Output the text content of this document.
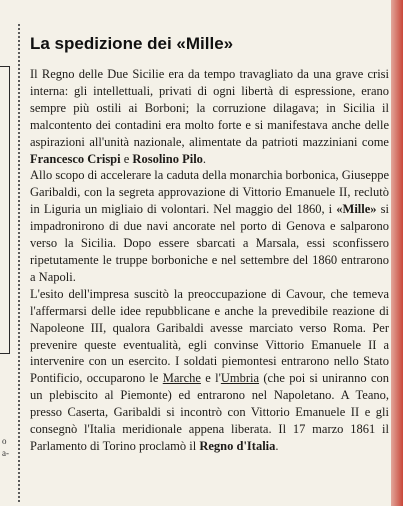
o
a-
La spedizione dei «Mille»

Il Regno delle Due Sicilie era da tempo travagliato da una grave crisi interna: gli intellettuali, privati di ogni libertà di espressione, erano sempre più ostili ai Borboni; la corruzione dilagava; in Sicilia il malcontento dei contadini era molto forte e si manifestava anche delle aspirazioni all'unità nazionale, alimentate da patrioti mazziniani come Francesco Crispi e Rosolino Pilo.

Allo scopo di accelerare la caduta della monarchia borbonica, Giuseppe Garibaldi, con la segreta approvazione di Vittorio Emanuele II, reclutò in Liguria un migliaio di volontari. Nel maggio del 1860, i «Mille» si impadronirono di due navi ancorate nel porto di Genova e salparono verso la Sicilia. Dopo essere sbarcati a Marsala, essi sconfissero ripetutamente le truppe borboniche e nel settembre del 1860 entrarono a Napoli.

L'esito dell'impresa suscitò la preoccupazione di Cavour, che temeva l'affermarsi delle idee repubblicane e anche la prevedibile reazione di Napoleone III, qualora Garibaldi avesse marciato verso Roma. Per prevenire queste eventualità, egli convinse Vittorio Emanuele II a intervenire con un esercito. I soldati piemontesi entrarono nello Stato Pontificio, occuparono le Marche e l'Umbria (che poi si uniranno con un plebiscito al Piemonte) ed entrarono nel Napoletano. A Teano, presso Caserta, Garibaldi si incontrò con Vittorio Emanuele II e gli consegnò l'Italia meridionale appena liberata. Il 17 marzo 1861 il Parlamento di Torino proclamò il Regno d'Italia.
